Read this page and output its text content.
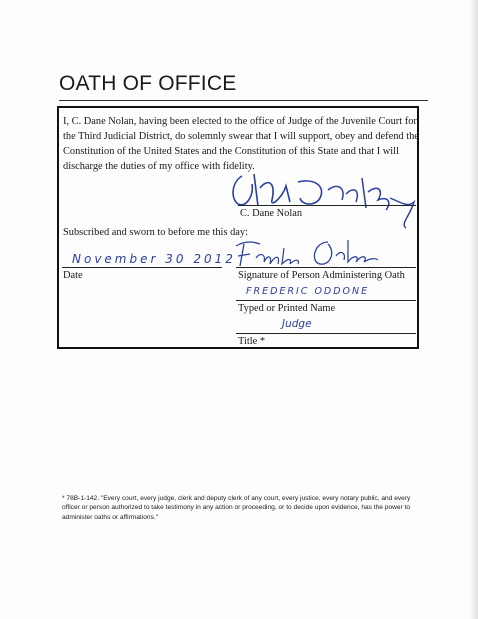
OATH OF OFFICE

I, C. Dane Nolan, having been elected to the office of Judge of the Juvenile Court for the Third Judicial District, do solemnly swear that I will support, obey and defend the Constitution of the United States and the Constitution of this State and that I will discharge the duties of my office with fidelity.

C. Dane Nolan

Subscribed and sworn to before me this day:

November 30 2012

Date	Signature of Person Administering Oath

FREDERIC ODDONE

Typed or Printed Name

Judge

Title *

* 78B-1-142. "Every court, every judge, clerk and deputy clerk of any court, every justice, every notary public, and every officer or person authorized to take testimony in any action or proceeding, or to decide upon evidence, has the power to administer oaths or affirmations."
